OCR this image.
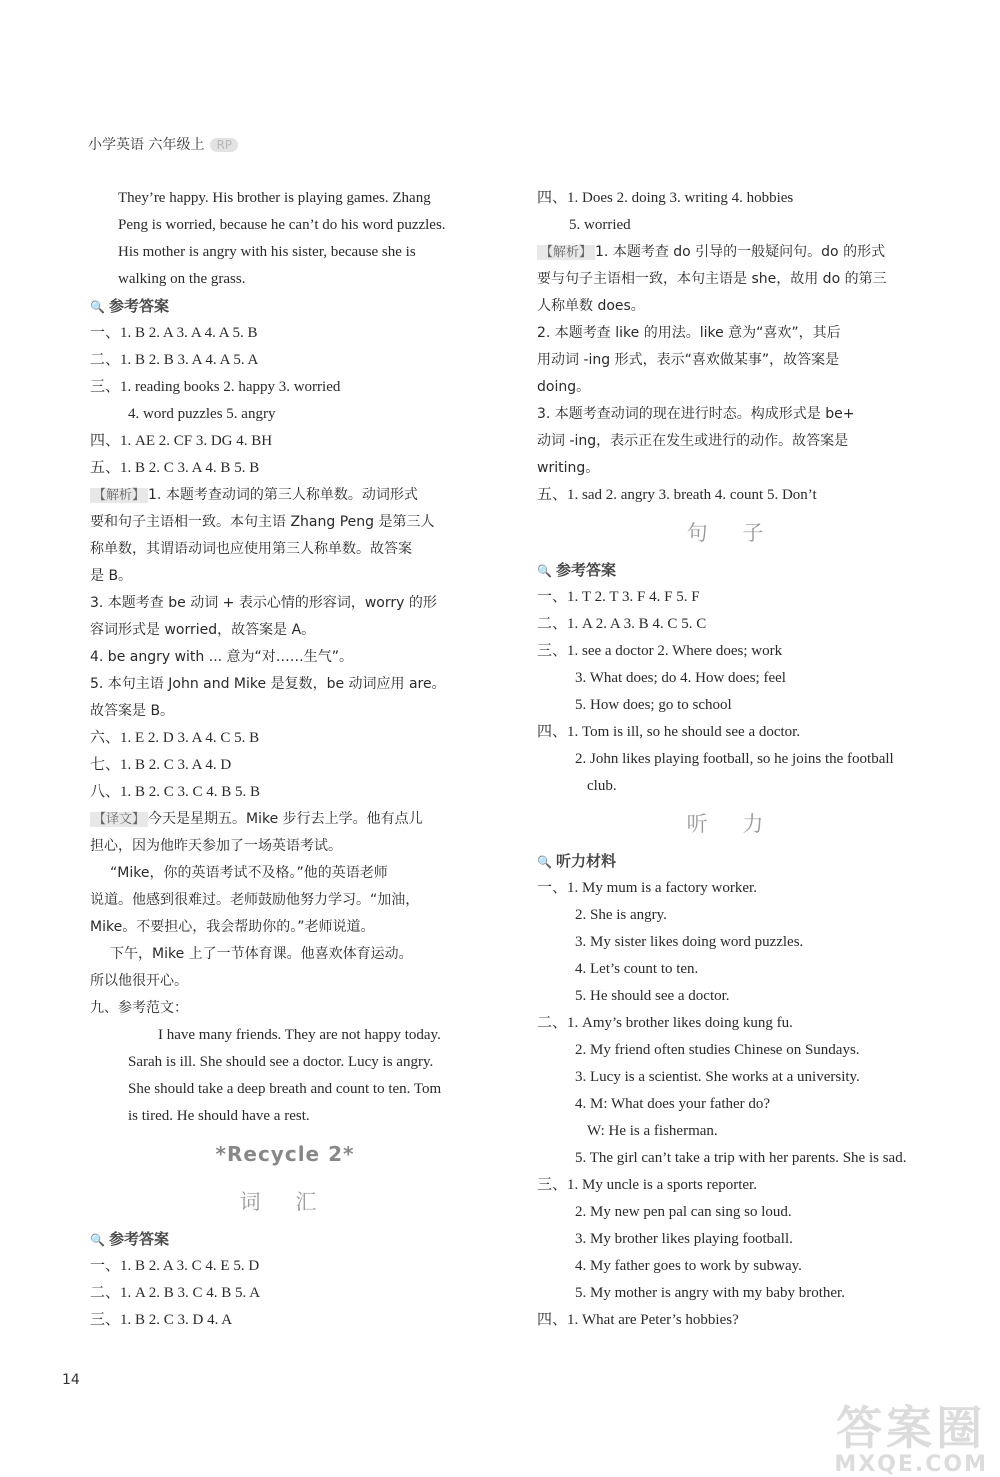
小学英语 六年级上 RP
They’re happy. His brother is playing games. Zhang
Peng is worried, because he can’t do his word puzzles.
His mother is angry with his sister, because she is
walking on the grass.
🔍 参考答案
一、1. B 2. A 3. A 4. A 5. B
二、1. B 2. B 3. A 4. A 5. A
三、1. reading books 2. happy 3. worried
4. word puzzles 5. angry
四、1. AE 2. CF 3. DG 4. BH
五、1. B 2. C 3. A 4. B 5. B
【解析】 1. 本题考查动词的第三人称单数。动词形式
要和句子主语相一致。本句主语 Zhang Peng 是第三人
称单数，其谓语动词也应使用第三人称单数。故答案
是 B。
3. 本题考查 be 动词 + 表示心情的形容词，worry 的形
容词形式是 worried，故答案是 A。
4. be angry with ... 意为“对……生气”。
5. 本句主语 John and Mike 是复数，be 动词应用 are。
故答案是 B。
六、1. E 2. D 3. A 4. C 5. B
七、1. B 2. C 3. A 4. D
八、1. B 2. C 3. C 4. B 5. B
【译文】 今天是星期五。Mike 步行去上学。他有点儿
担心，因为他昨天参加了一场英语考试。
“Mike，你的英语考试不及格。”他的英语老师
说道。他感到很难过。老师鼓励他努力学习。“加油，
Mike。不要担心，我会帮助你的。”老师说道。
下午，Mike 上了一节体育课。他喜欢体育运动。
所以他很开心。
九、参考范文：
I have many friends. They are not happy today.
Sarah is ill. She should see a doctor. Lucy is angry.
She should take a deep breath and count to ten. Tom
is tired. He should have a rest.
*Recycle 2*
词 汇
🔍 参考答案
一、1. B 2. A 3. C 4. E 5. D
二、1. A 2. B 3. C 4. B 5. A
三、1. B 2. C 3. D 4. A
四、1. Does 2. doing 3. writing 4. hobbies
5. worried
【解析】 1. 本题考查 do 引导的一般疑问句。do 的形式
要与句子主语相一致，本句主语是 she，故用 do 的第三
人称单数 does。
2. 本题考查 like 的用法。like 意为“喜欢”，其后
用动词 -ing 形式，表示“喜欢做某事”，故答案是
doing。
3. 本题考查动词的现在进行时态。构成形式是 be+
动词 -ing，表示正在发生或进行的动作。故答案是
writing。
五、1. sad 2. angry 3. breath 4. count 5. Don’t
句 子
🔍 参考答案
一、1. T 2. T 3. F 4. F 5. F
二、1. A 2. A 3. B 4. C 5. C
三、1. see a doctor 2. Where does; work
3. What does; do 4. How does; feel
5. How does; go to school
四、1. Tom is ill, so he should see a doctor.
2. John likes playing football, so he joins the football
club.
听 力
🔍 听力材料
一、1. My mum is a factory worker.
2. She is angry.
3. My sister likes doing word puzzles.
4. Let’s count to ten.
5. He should see a doctor.
二、1. Amy’s brother likes doing kung fu.
2. My friend often studies Chinese on Sundays.
3. Lucy is a scientist. She works at a university.
4. M: What does your father do?
W: He is a fisherman.
5. The girl can’t take a trip with her parents. She is sad.
三、1. My uncle is a sports reporter.
2. My new pen pal can sing so loud.
3. My brother likes playing football.
4. My father goes to work by subway.
5. My mother is angry with my baby brother.
四、1. What are Peter’s hobbies?
14
答案圈
MXQE.COM
